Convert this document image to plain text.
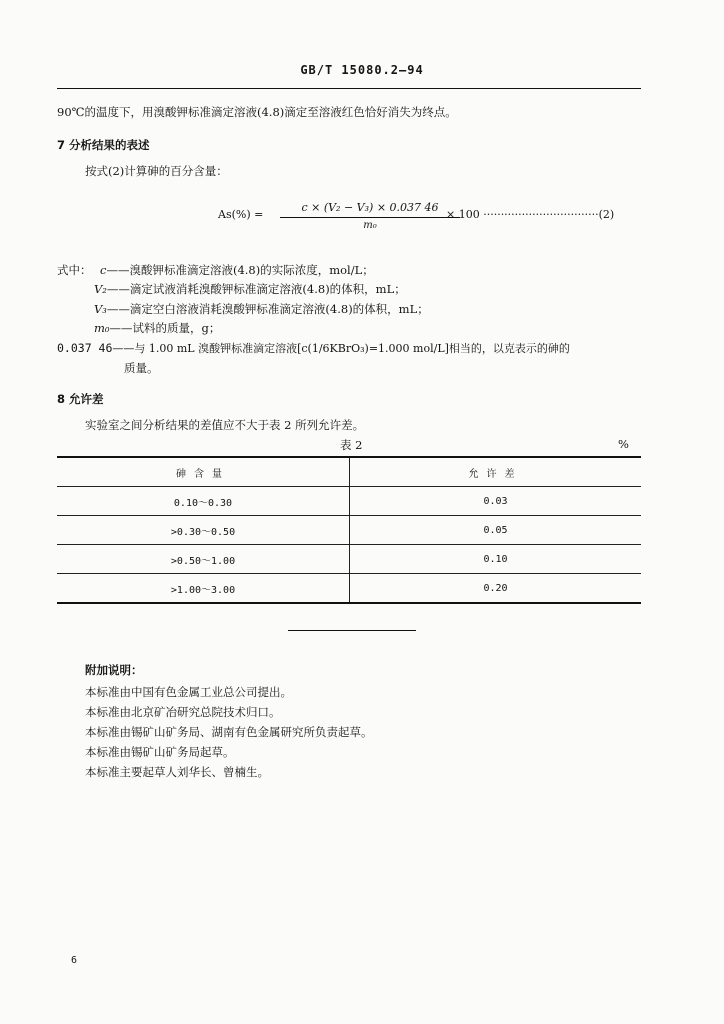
GB/T 15080.2—94
90℃的温度下，用溴酸钾标准滴定溶液(4.8)滴定至溶液红色恰好消失为终点。
7 分析结果的表述
按式(2)计算砷的百分含量：
As(%) =
c × (V₂ − V₃) × 0.037 46
m₀
× 100 ·································(2)
式中： c——溴酸钾标准滴定溶液(4.8)的实际浓度，mol/L；
V₂——滴定试液消耗溴酸钾标准滴定溶液(4.8)的体积，mL；
V₃——滴定空白溶液消耗溴酸钾标准滴定溶液(4.8)的体积，mL；
m₀——试料的质量，g；
0.037 46——与 1.00 mL 溴酸钾标准滴定溶液[c(1/6KBrO₃)=1.000 mol/L]相当的，以克表示的砷的
质量。
8 允许差
实验室之间分析结果的差值应不大于表 2 所列允许差。
表 2	%
砷含量	允许差
0.10～0.30	0.03
>0.30～0.50	0.05
>0.50～1.00	0.10
>1.00～3.00	0.20
附加说明：
本标准由中国有色金属工业总公司提出。
本标准由北京矿冶研究总院技术归口。
本标准由锡矿山矿务局、湖南有色金属研究所负责起草。
本标准由锡矿山矿务局起草。
本标准主要起草人刘华长、曾楠生。
6
